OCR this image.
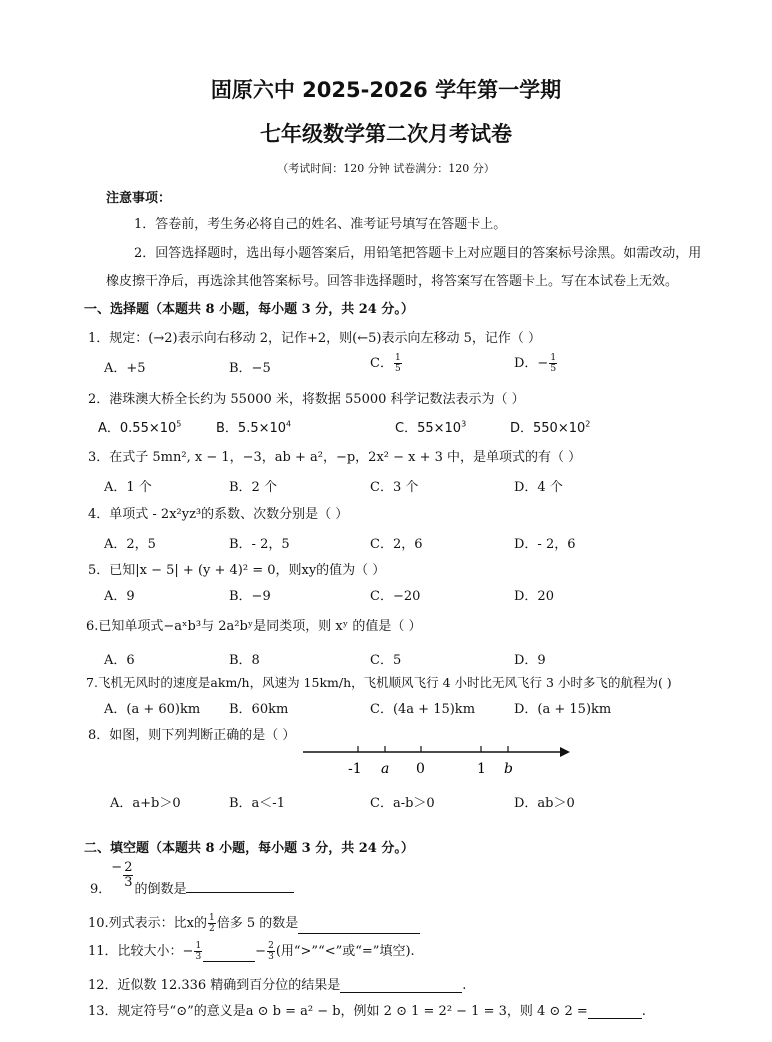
固原六中 2025-2026 学年第一学期
七年级数学第二次月考试卷
（考试时间：120 分钟 试卷满分：120 分）
注意事项：
1．答卷前，考生务必将自己的姓名、准考证号填写在答题卡上。
2．回答选择题时，选出每小题答案后，用铅笔把答题卡上对应题目的答案标号涂黑。如需改动，用
橡皮擦干净后，再选涂其他答案标号。回答非选择题时，将答案写在答题卡上。写在本试卷上无效。
一、选择题（本题共 8 小题，每小题 3 分，共 24 分。）
1．规定：(→2)表示向右移动 2，记作+2，则(←5)表示向左移动 5，记作（ ）
A．+5	B．−5	C． $\frac{1}{5}$	D．− $\frac{1}{5}$
2．港珠澳大桥全长约为 55000 米，将数据 55000 科学记数法表示为（ ）
A．$0.55\times 10^5$	B．$5.5\times 10^4$	C．$55\times 10^3$	D．$550\times 10^2$
3．在式子 5mn², x − 1，−3，ab + a²，−p，2x² − x + 3 中，是单项式的有（ ）
A．1 个	B．2 个	C．3 个	D．4 个
4．单项式 - 2x²yz³的系数、次数分别是（ ）
A．2，5	B．- 2，5	C．2，6	D．- 2，6
5．已知|x − 5| + (y + 4)² = 0，则xy的值为（ ）
A．9	B．−9	C．−20	D．20
6.已知单项式−aˣb³与 2a²bʸ是同类项，则 xʸ 的值是（ ）
A．6	B．8	C．5	D．9
7.飞机无风时的速度是akm/h，风速为 15km/h，飞机顺风飞行 4 小时比无风飞行 3 小时多飞的航程为( )
A．(a + 60)km B．60km	C．(4a + 15)km	D．(a + 15)km
8．如图，则下列判断正确的是（ ）
-1 a 0	1 b
A．a+b＞0	B．a＜-1	C．a-b＞0	D．ab＞0
二、填空题（本题共 8 小题，每小题 3 分，共 24 分。）
9．− $\frac{2}{3}$ 的倒数是
10.列式表示：比x的 $\frac{1}{2}$ 倍多 5 的数是
11．比较大小：− $\frac{1}{3}$	− $\frac{2}{3}$ (用“>”“<”或“=”填空).
12．近似数 12.336 精确到百分位的结果是	.
13．规定符号“⊙”的意义是a ⊙ b = a² − b，例如 2 ⊙ 1 = 2² − 1 = 3，则 4 ⊙ 2 =	.
